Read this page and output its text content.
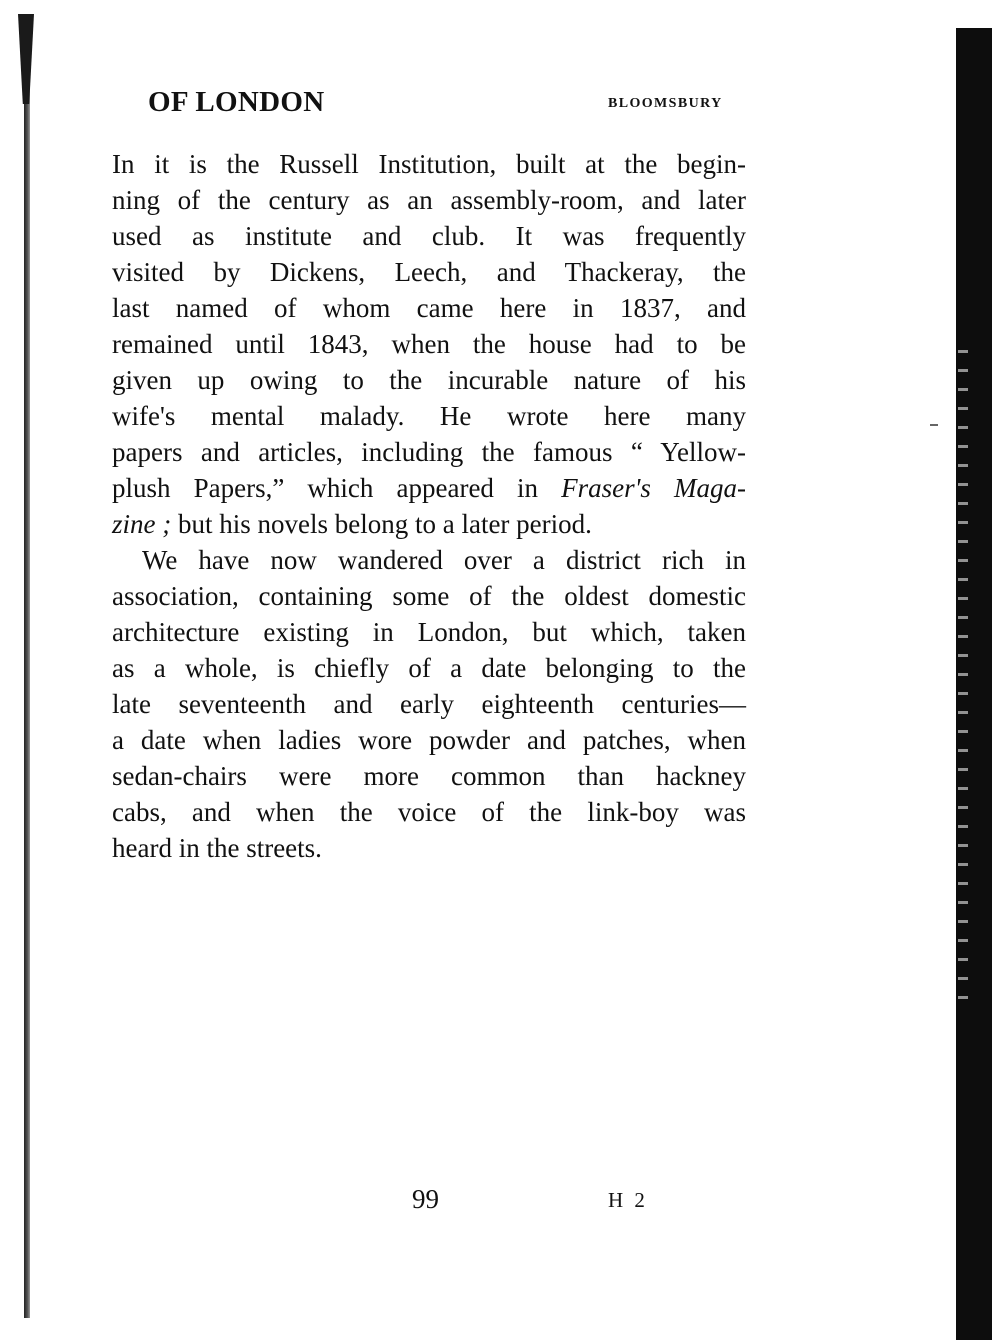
OF LONDON	BLOOMSBURY
In it is the Russell Institution, built at the begin-
ning of the century as an assembly-room, and later
used as institute and club. It was frequently
visited by Dickens, Leech, and Thackeray, the
last named of whom came here in 1837, and
remained until 1843, when the house had to be
given up owing to the incurable nature of his
wife's mental malady. He wrote here many
papers and articles, including the famous “ Yellow-
plush Papers,” which appeared in Fraser's Maga-
zine ; but his novels belong to a later period.
We have now wandered over a district rich in
association, containing some of the oldest domestic
architecture existing in London, but which, taken
as a whole, is chiefly of a date belonging to the
late seventeenth and early eighteenth centuries—
a date when ladies wore powder and patches, when
sedan-chairs were more common than hackney
cabs, and when the voice of the link-boy was
heard in the streets.
99	H 2
